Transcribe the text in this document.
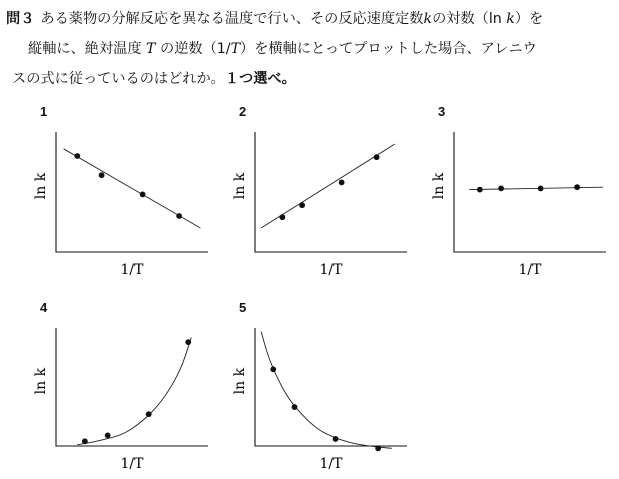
問３ ある薬物の分解反応を異なる温度で行い、その反応速度定数kの対数（ln k）を
縦軸に、絶対温度 T の逆数（1/T）を横軸にとってプロットした場合、アレニウ
スの式に従っているのはどれか。１つ選べ。
1
1/T
ln k
2
1/T
ln k
3
1/T
ln k
4
1/T
ln k
5
1/T
ln k
